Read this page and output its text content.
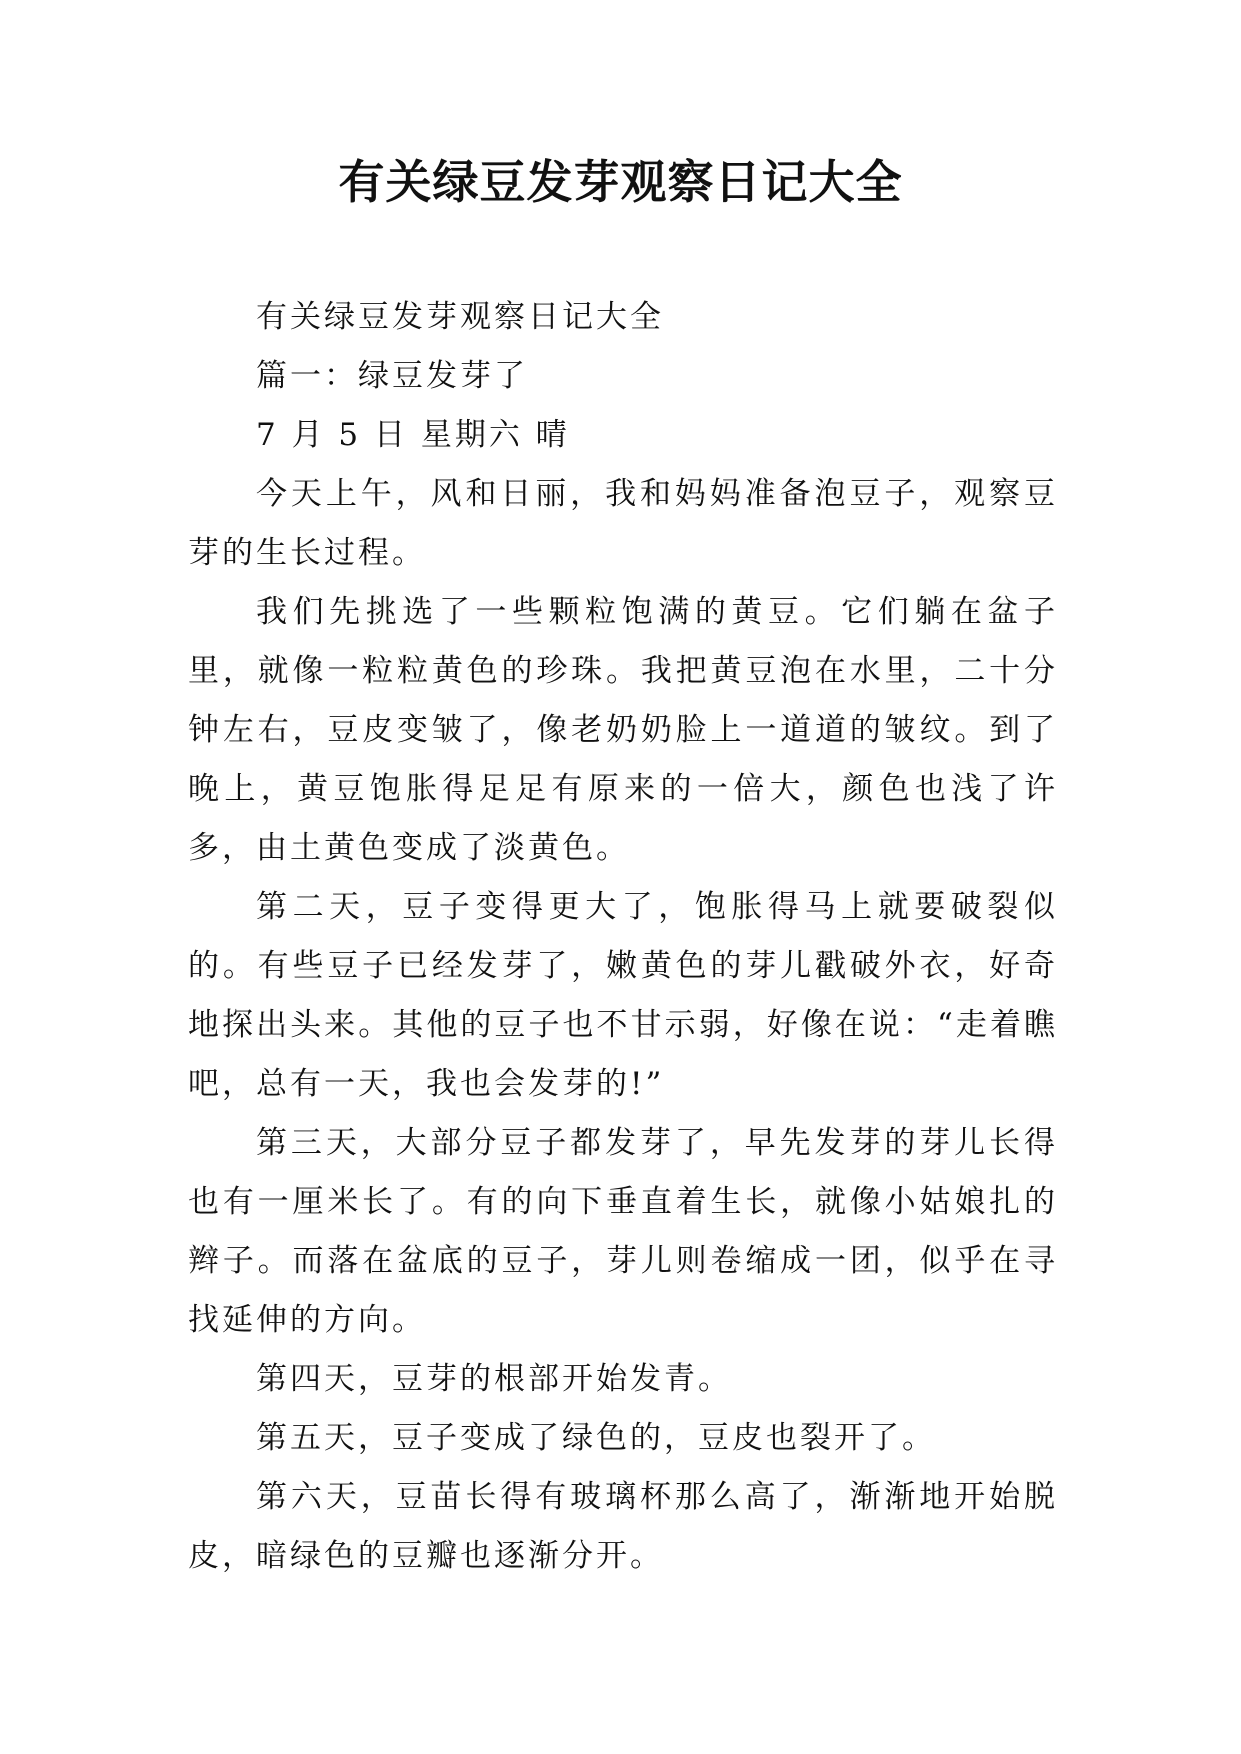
有关绿豆发芽观察日记大全

有关绿豆发芽观察日记大全

篇一：绿豆发芽了

7 月 5 日 星期六 晴

今天上午，风和日丽，我和妈妈准备泡豆子，观察豆芽的生长过程。

我们先挑选了一些颗粒饱满的黄豆。它们躺在盆子里，就像一粒粒黄色的珍珠。我把黄豆泡在水里，二十分钟左右，豆皮变皱了，像老奶奶脸上一道道的皱纹。到了晚上，黄豆饱胀得足足有原来的一倍大，颜色也浅了许多，由土黄色变成了淡黄色。

第二天，豆子变得更大了，饱胀得马上就要破裂似的。有些豆子已经发芽了，嫩黄色的芽儿戳破外衣，好奇地探出头来。其他的豆子也不甘示弱，好像在说：“走着瞧吧，总有一天，我也会发芽的!”

第三天，大部分豆子都发芽了，早先发芽的芽儿长得也有一厘米长了。有的向下垂直着生长，就像小姑娘扎的辫子。而落在盆底的豆子，芽儿则卷缩成一团，似乎在寻找延伸的方向。

第四天，豆芽的根部开始发青。

第五天，豆子变成了绿色的，豆皮也裂开了。

第六天，豆苗长得有玻璃杯那么高了，渐渐地开始脱皮，暗绿色的豆瓣也逐渐分开。
